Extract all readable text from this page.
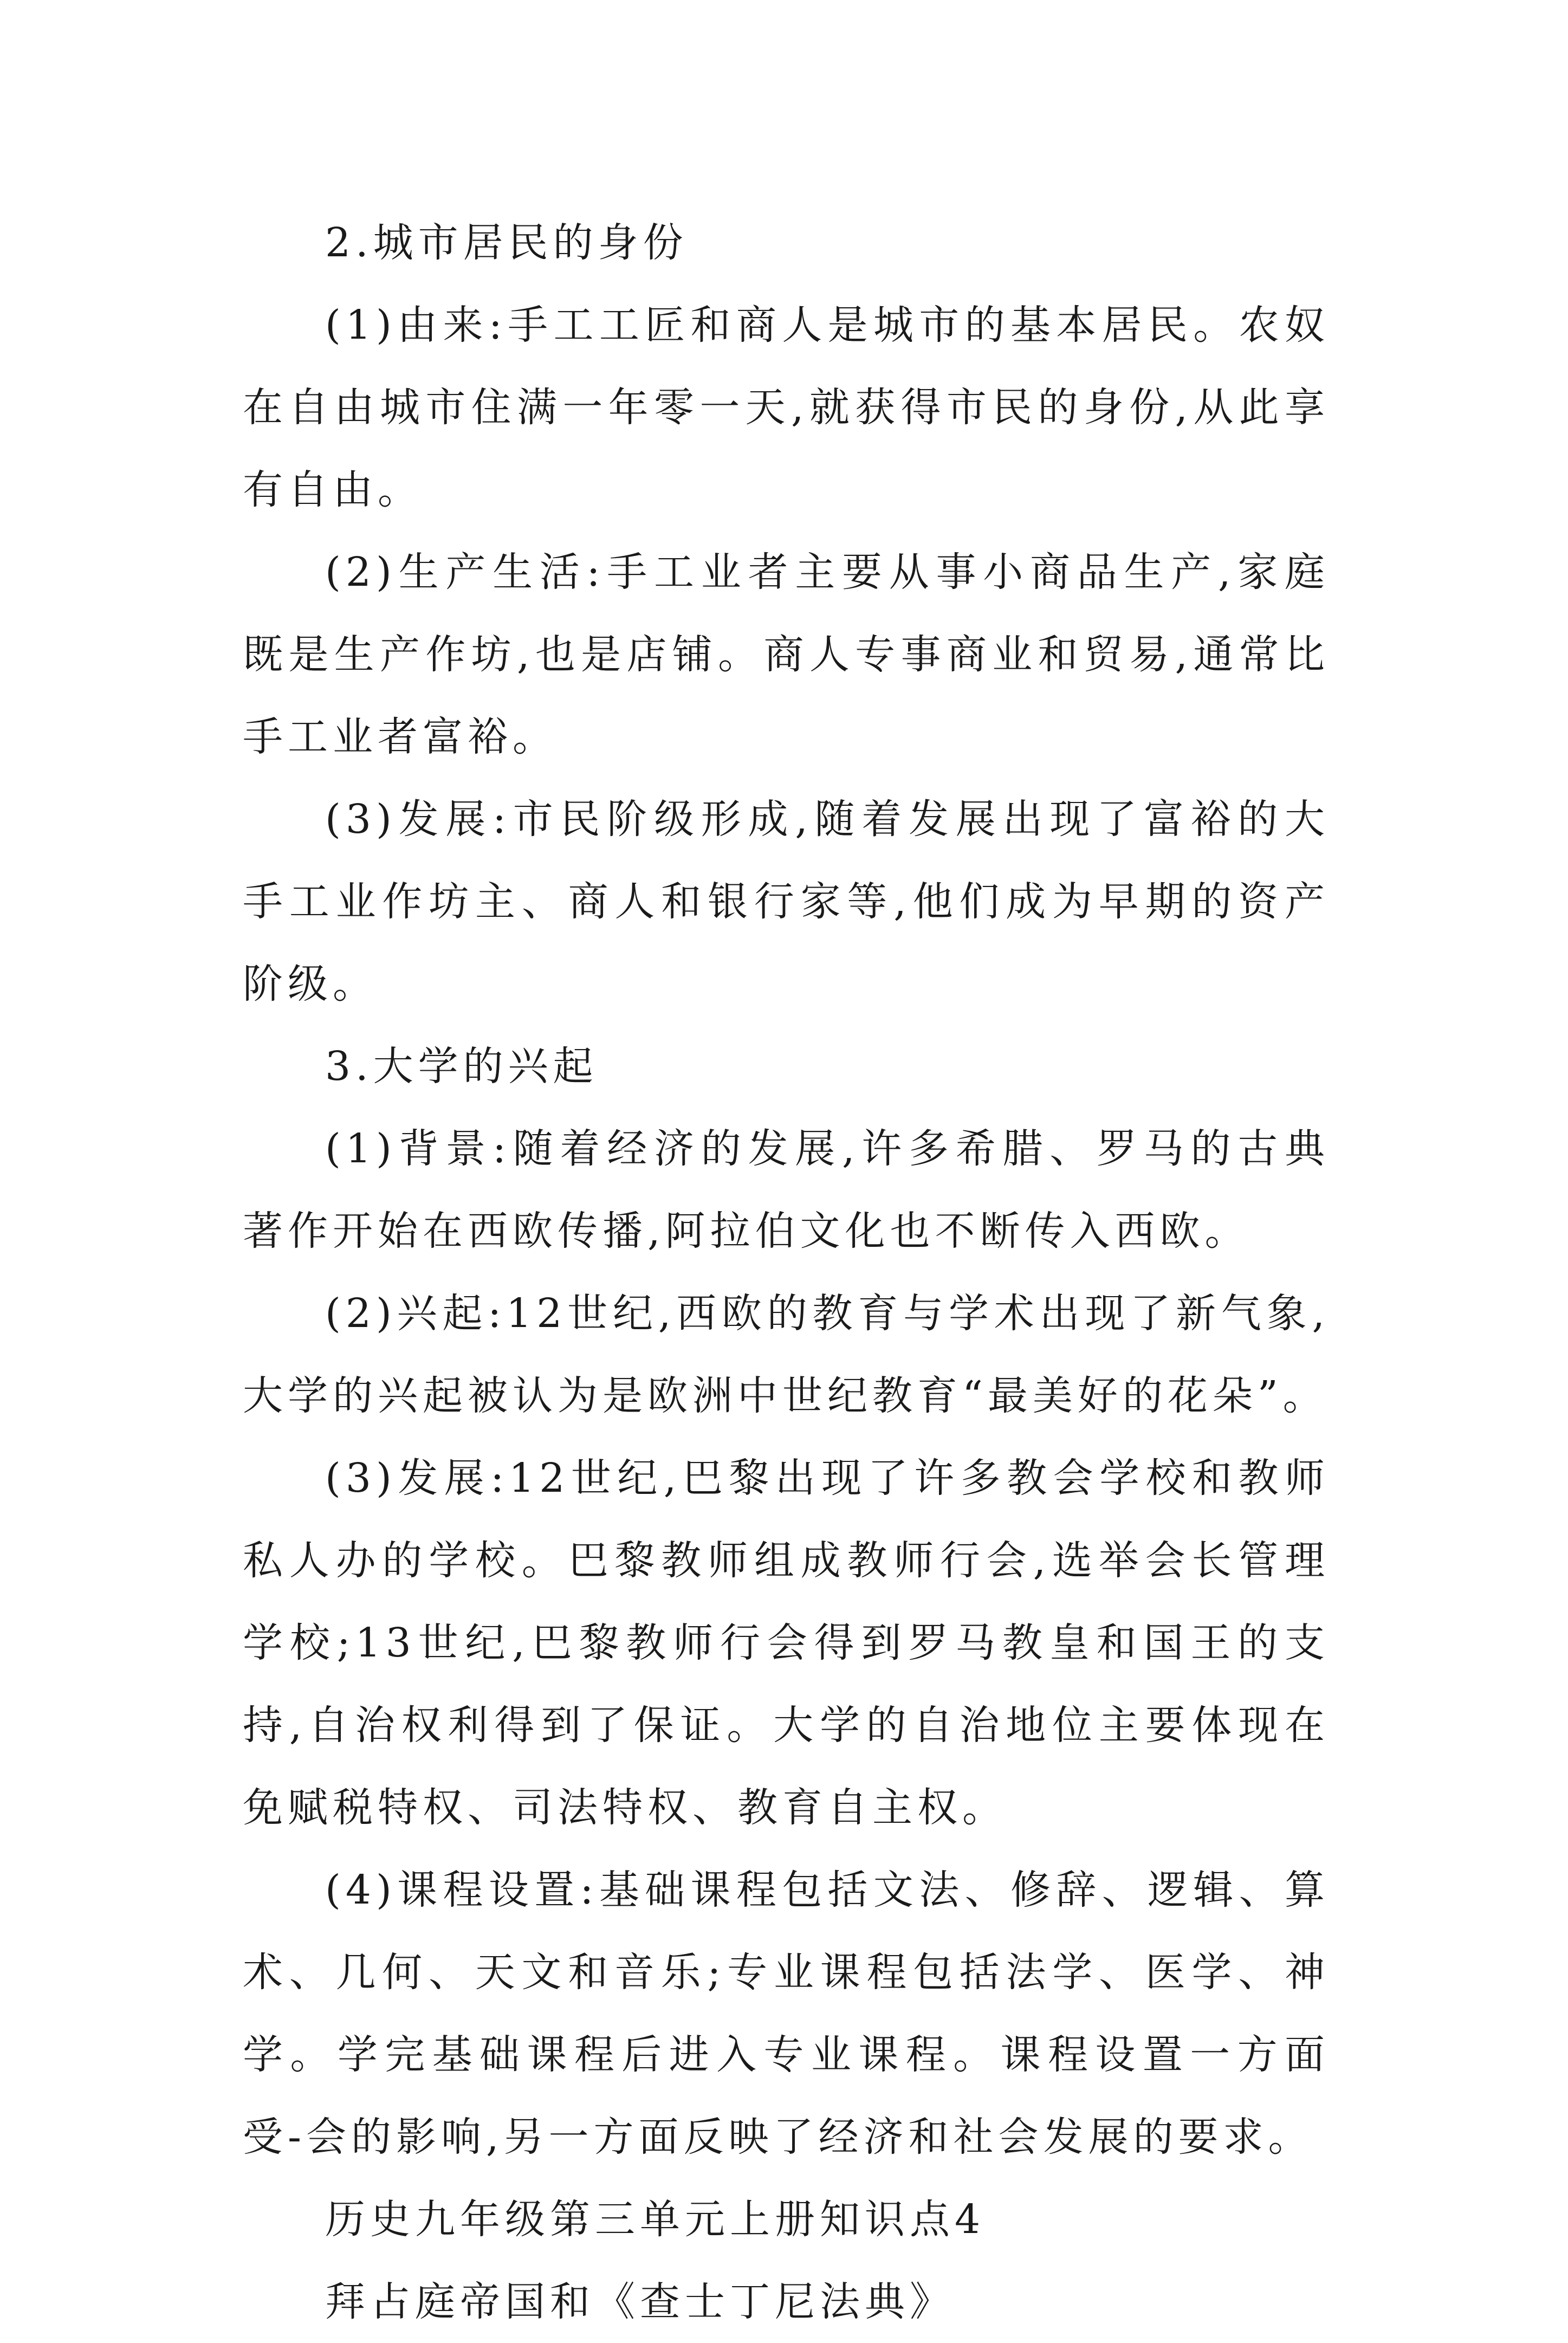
2.城市居民的身份

(1)由来:手工工匠和商人是城市的基本居民。农奴在自由城市住满一年零一天,就获得市民的身份,从此享有自由。

(2)生产生活:手工业者主要从事小商品生产,家庭既是生产作坊,也是店铺。商人专事商业和贸易,通常比手工业者富裕。

(3)发展:市民阶级形成,随着发展出现了富裕的大手工业作坊主、商人和银行家等,他们成为早期的资产阶级。

3.大学的兴起

(1)背景:随着经济的发展,许多希腊、罗马的古典著作开始在西欧传播,阿拉伯文化也不断传入西欧。

(2)兴起:12世纪,西欧的教育与学术出现了新气象,大学的兴起被认为是欧洲中世纪教育“最美好的花朵”。

(3)发展:12世纪,巴黎出现了许多教会学校和教师私人办的学校。巴黎教师组成教师行会,选举会长管理学校;13世纪,巴黎教师行会得到罗马教皇和国王的支持,自治权利得到了保证。大学的自治地位主要体现在免赋税特权、司法特权、教育自主权。

(4)课程设置:基础课程包括文法、修辞、逻辑、算术、几何、天文和音乐;专业课程包括法学、医学、神学。学完基础课程后进入专业课程。课程设置一方面受-会的影响,另一方面反映了经济和社会发展的要求。

历史九年级第三单元上册知识点4

拜占庭帝国和《查士丁尼法典》
